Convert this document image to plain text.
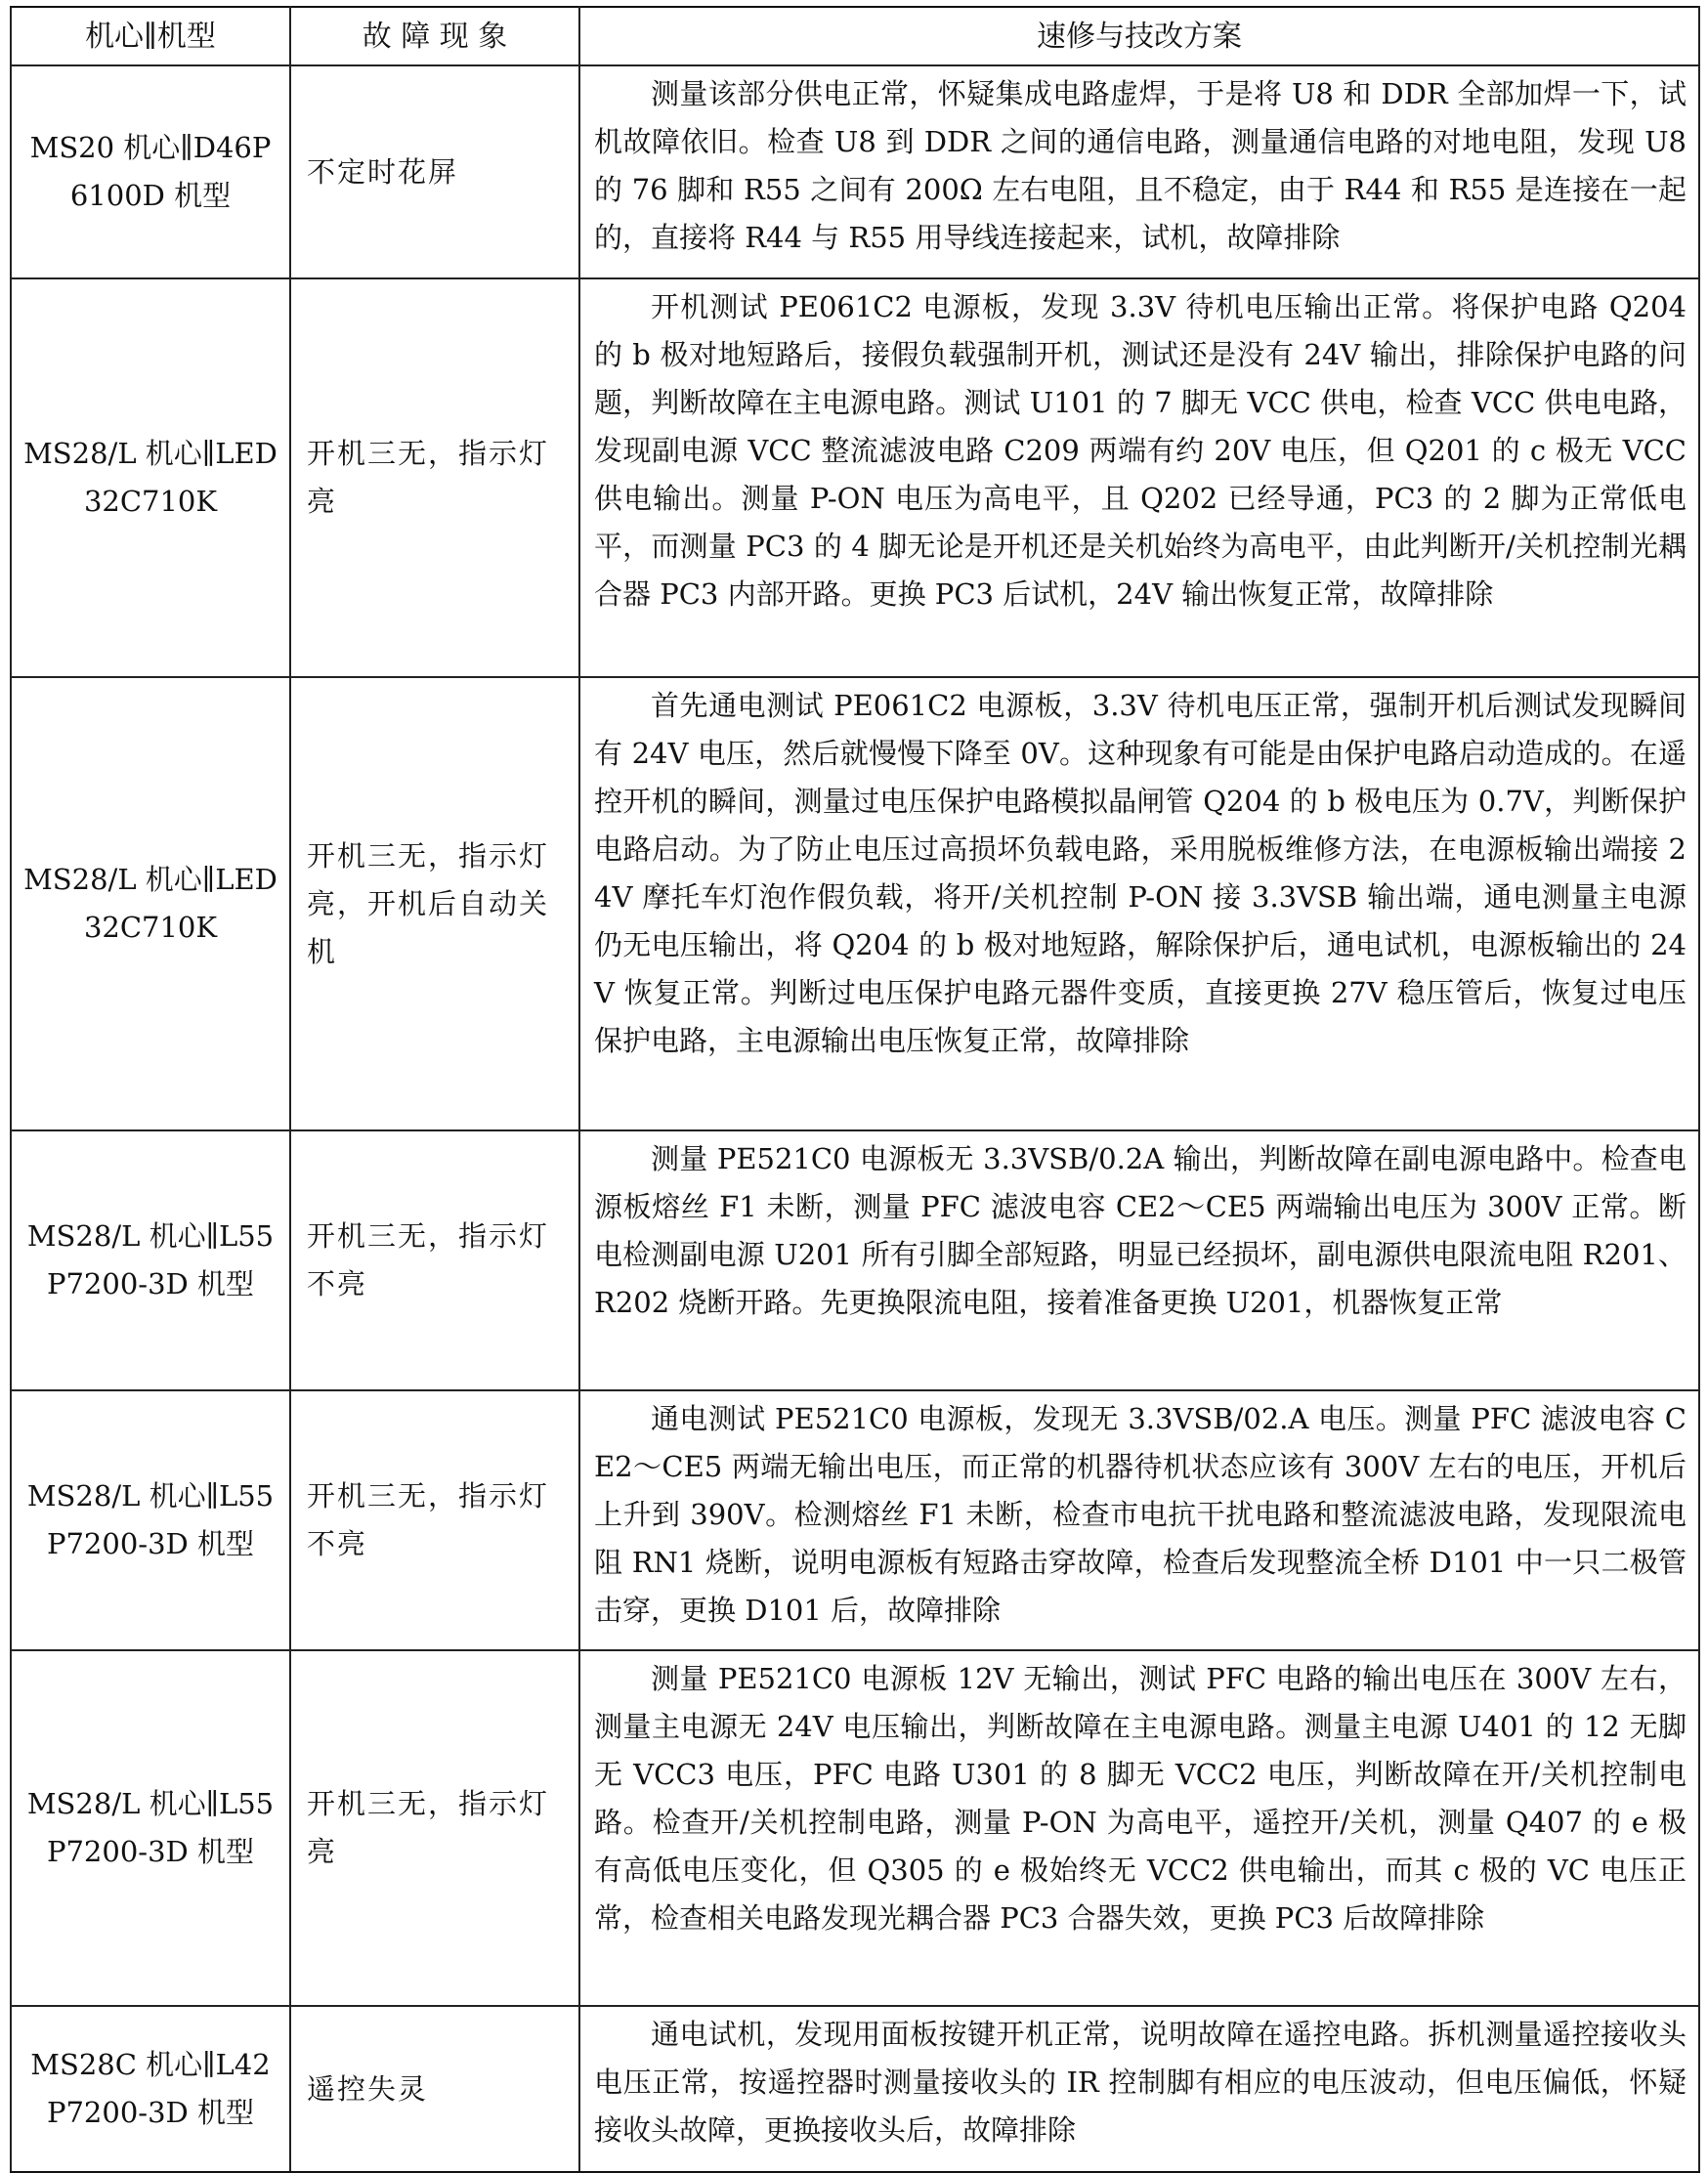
机心∥机型	故 障 现 象	速修与技改方案
MS20 机心∥D46P6100D 机型	不定时花屏	测量该部分供电正常，怀疑集成电路虚焊，于是将 U8 和 DDR 全部加焊一下，试机故障依旧。检查 U8 到 DDR 之间的通信电路，测量通信电路的对地电阻，发现 U8 的 76 脚和 R55 之间有 200Ω 左右电阻，且不稳定，由于 R44 和 R55 是连接在一起的，直接将 R44 与 R55 用导线连接起来，试机，故障排除
MS28/L 机心∥LED32C710K	开机三无，指示灯亮	开机测试 PE061C2 电源板，发现 3.3V 待机电压输出正常。将保护电路 Q204 的 b 极对地短路后，接假负载强制开机，测试还是没有 24V 输出，排除保护电路的问题，判断故障在主电源电路。测试 U101 的 7 脚无 VCC 供电，检查 VCC 供电电路，发现副电源 VCC 整流滤波电路 C209 两端有约 20V 电压，但 Q201 的 c 极无 VCC 供电输出。测量 P-ON 电压为高电平，且 Q202 已经导通，PC3 的 2 脚为正常低电平，而测量 PC3 的 4 脚无论是开机还是关机始终为高电平，由此判断开/关机控制光耦合器 PC3 内部开路。更换 PC3 后试机，24V 输出恢复正常，故障排除
MS28/L 机心∥LED32C710K	开机三无，指示灯亮，开机后自动关机	首先通电测试 PE061C2 电源板，3.3V 待机电压正常，强制开机后测试发现瞬间有 24V 电压，然后就慢慢下降至 0V。这种现象有可能是由保护电路启动造成的。在遥控开机的瞬间，测量过电压保护电路模拟晶闸管 Q204 的 b 极电压为 0.7V，判断保护电路启动。为了防止电压过高损坏负载电路，采用脱板维修方法，在电源板输出端接 24V 摩托车灯泡作假负载，将开/关机控制 P-ON 接 3.3VSB 输出端，通电测量主电源仍无电压输出，将 Q204 的 b 极对地短路，解除保护后，通电试机，电源板输出的 24V 恢复正常。判断过电压保护电路元器件变质，直接更换 27V 稳压管后，恢复过电压保护电路，主电源输出电压恢复正常，故障排除
MS28/L 机心∥L55P7200-3D 机型	开机三无，指示灯不亮	测量 PE521C0 电源板无 3.3VSB/0.2A 输出，判断故障在副电源电路中。检查电源板熔丝 F1 未断，测量 PFC 滤波电容 CE2～CE5 两端输出电压为 300V 正常。断电检测副电源 U201 所有引脚全部短路，明显已经损坏，副电源供电限流电阻 R201、R202 烧断开路。先更换限流电阻，接着准备更换 U201，机器恢复正常
MS28/L 机心∥L55P7200-3D 机型	开机三无，指示灯不亮	通电测试 PE521C0 电源板，发现无 3.3VSB/02.A 电压。测量 PFC 滤波电容 CE2～CE5 两端无输出电压，而正常的机器待机状态应该有 300V 左右的电压，开机后上升到 390V。检测熔丝 F1 未断，检查市电抗干扰电路和整流滤波电路，发现限流电阻 RN1 烧断，说明电源板有短路击穿故障，检查后发现整流全桥 D101 中一只二极管击穿，更换 D101 后，故障排除
MS28/L 机心∥L55P7200-3D 机型	开机三无，指示灯亮	测量 PE521C0 电源板 12V 无输出，测试 PFC 电路的输出电压在 300V 左右，测量主电源无 24V 电压输出，判断故障在主电源电路。测量主电源 U401 的 12 无脚无 VCC3 电压，PFC 电路 U301 的 8 脚无 VCC2 电压，判断故障在开/关机控制电路。检查开/关机控制电路，测量 P-ON 为高电平，遥控开/关机，测量 Q407 的 e 极有高低电压变化，但 Q305 的 e 极始终无 VCC2 供电输出，而其 c 极的 VC 电压正常，检查相关电路发现光耦合器 PC3 合器失效，更换 PC3 后故障排除
MS28C 机心∥L42P7200-3D 机型	遥控失灵	通电试机，发现用面板按键开机正常，说明故障在遥控电路。拆机测量遥控接收头电压正常，按遥控器时测量接收头的 IR 控制脚有相应的电压波动，但电压偏低，怀疑接收头故障，更换接收头后，故障排除
